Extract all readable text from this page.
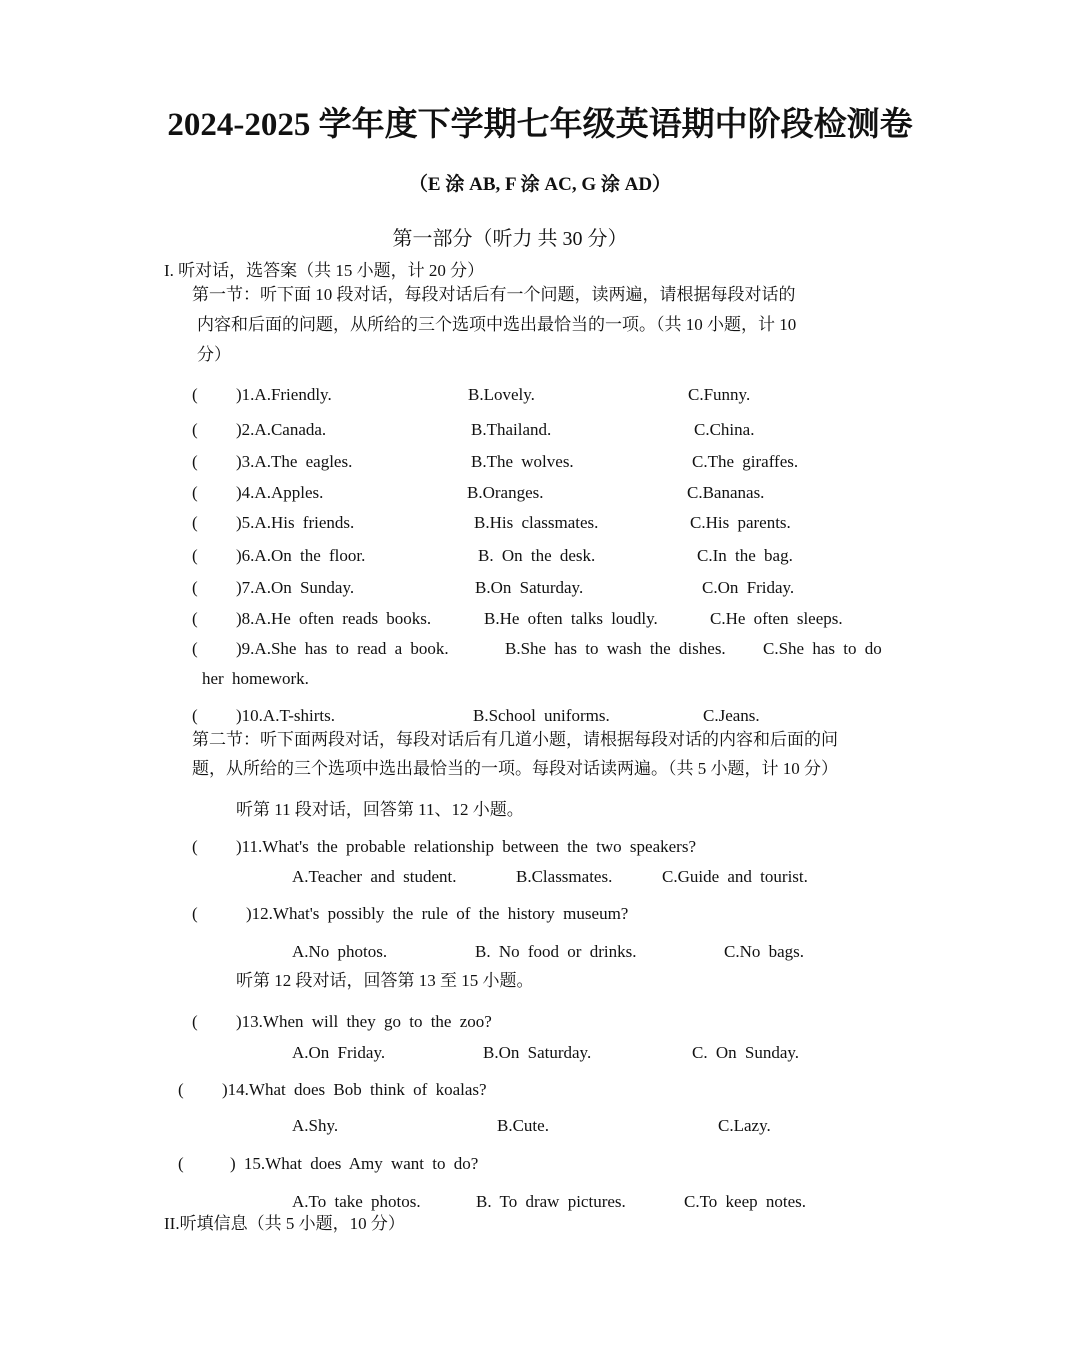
2024-2025 学年度下学期七年级英语期中阶段检测卷
（E 涂 AB, F 涂 AC, G 涂 AD）
第一部分（听力 共 30 分）
I. 听对话，选答案（共 15 小题，计 20 分）
第一节：听下面 10 段对话，每段对话后有一个问题，读两遍，请根据每段对话的
内容和后面的问题，从所给的三个选项中选出最恰当的一项。（共 10 小题，计 10
分）
( )1.A.Friendly.	B.Lovely.	C.Funny.
( )2.A.Canada.	B.Thailand.	C.China.
( )3.A.The eagles.	B.The wolves.	C.The giraffes.
( )4.A.Apples.	B.Oranges.	C.Bananas.
( )5.A.His friends.	B.His classmates.	C.His parents.
( )6.A.On the floor.	B. On the desk.	C.In the bag.
( )7.A.On Sunday.	B.On Saturday.	C.On Friday.
( )8.A.He often reads books.	B.He often talks loudly.	C.He often sleeps.
( )9.A.She has to read a book.	B.She has to wash the dishes. C.She has to do
her homework.
( )10.A.T-shirts.	B.School uniforms.	C.Jeans.
第二节：听下面两段对话，每段对话后有几道小题，请根据每段对话的内容和后面的问
题，从所给的三个选项中选出最恰当的一项。每段对话读两遍。（共 5 小题，计 10 分）
听第 11 段对话，回答第 11、12 小题。
( )11.What's the probable relationship between the two speakers?
A.Teacher and student.	B.Classmates.	C.Guide and tourist.
(	)12.What's possibly the rule of the history museum?
A.No photos.	B. No food or drinks.	C.No bags.
听第 12 段对话，回答第 13 至 15 小题。
( )13.When will they go to the zoo?
A.On Friday.	B.On Saturday.	C. On Sunday.
( )14.What does Bob think of koalas?
A.Shy.	B.Cute.	C.Lazy.
(	) 15.What does Amy want to do?
A.To take photos.	B. To draw pictures.	C.To keep notes.
II.听填信息（共 5 小题，10 分）
